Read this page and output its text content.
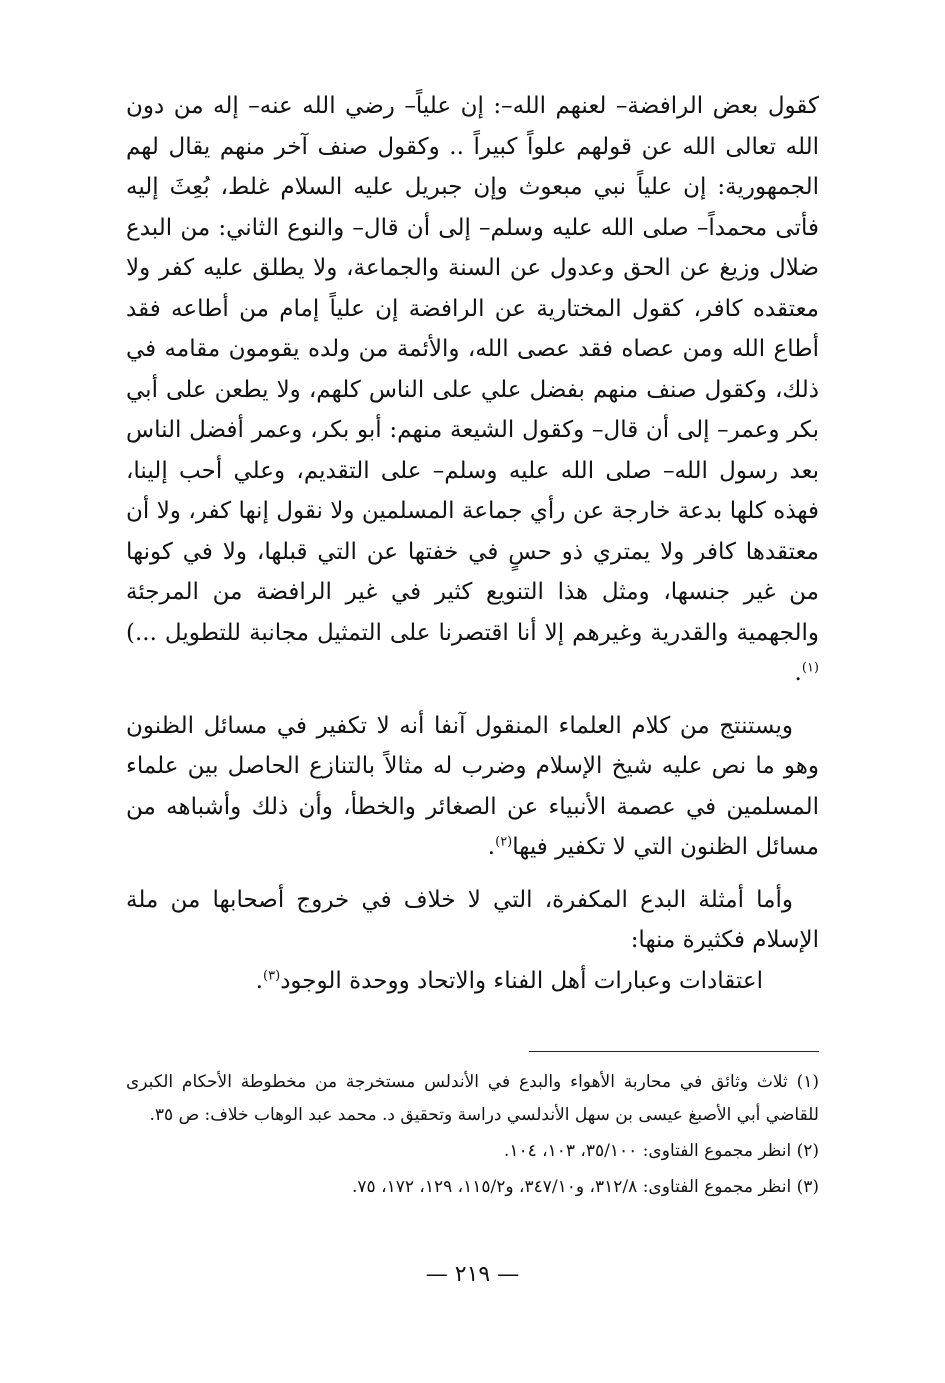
كقول بعض الرافضة– لعنهم الله–: إن علياً– رضي الله عنه– إله من دون الله تعالى الله عن قولهم علواً كبيراً .. وكقول صنف آخر منهم يقال لهم الجمهورية: إن علياً نبي مبعوث وإن جبريل عليه السلام غلط، بُعِثَ إليه فأتى محمداً– صلى الله عليه وسلم– إلى أن قال– والنوع الثاني: من البدع ضلال وزيغ عن الحق وعدول عن السنة والجماعة، ولا يطلق عليه كفر ولا معتقده كافر، كقول المختارية عن الرافضة إن علياً إمام من أطاعه فقد أطاع الله ومن عصاه فقد عصى الله، والأئمة من ولده يقومون مقامه في ذلك، وكقول صنف منهم بفضل علي على الناس كلهم، ولا يطعن على أبي بكر وعمر– إلى أن قال– وكقول الشيعة منهم: أبو بكر، وعمر أفضل الناس بعد رسول الله– صلى الله عليه وسلم– على التقديم، وعلي أحب إلينا، فهذه كلها بدعة خارجة عن رأي جماعة المسلمين ولا نقول إنها كفر، ولا أن معتقدها كافر ولا يمتري ذو حسٍ في خفتها عن التي قبلها، ولا في كونها من غير جنسها، ومثل هذا التنويع كثير في غير الرافضة من المرجئة والجهمية والقدرية وغيرهم إلا أنا اقتصرنا على التمثيل مجانبة للتطويل ...)$^{(١)}$.

ويستنتج من كلام العلماء المنقول آنفا أنه لا تكفير في مسائل الظنون وهو ما نص عليه شيخ الإسلام وضرب له مثالاً بالتنازع الحاصل بين علماء المسلمين في عصمة الأنبياء عن الصغائر والخطأ، وأن ذلك وأشباهه من مسائل الظنون التي لا تكفير فيها$^{(٢)}$.

وأما أمثلة البدع المكفرة، التي لا خلاف في خروج أصحابها من ملة الإسلام فكثيرة منها:

اعتقادات وعبارات أهل الفناء والاتحاد ووحدة الوجود$^{(٣)}$.

(١) ثلاث وثائق في محاربة الأهواء والبدع في الأندلس مستخرجة من مخطوطة الأحكام الكبرى للقاضي أبي الأصبغ عيسى بن سهل الأندلسي دراسة وتحقيق د. محمد عبد الوهاب خلاف: ص ٣٥.

(٢) انظر مجموع الفتاوى: ٣٥/١٠٠، ١٠٣، ١٠٤.

(٣) انظر مجموع الفتاوى: ٣١٢/٨، و٣٤٧/١٠، و١١٥/٢، ١٢٩، ١٧٢، ٧٥.

— ٢١٩ —
